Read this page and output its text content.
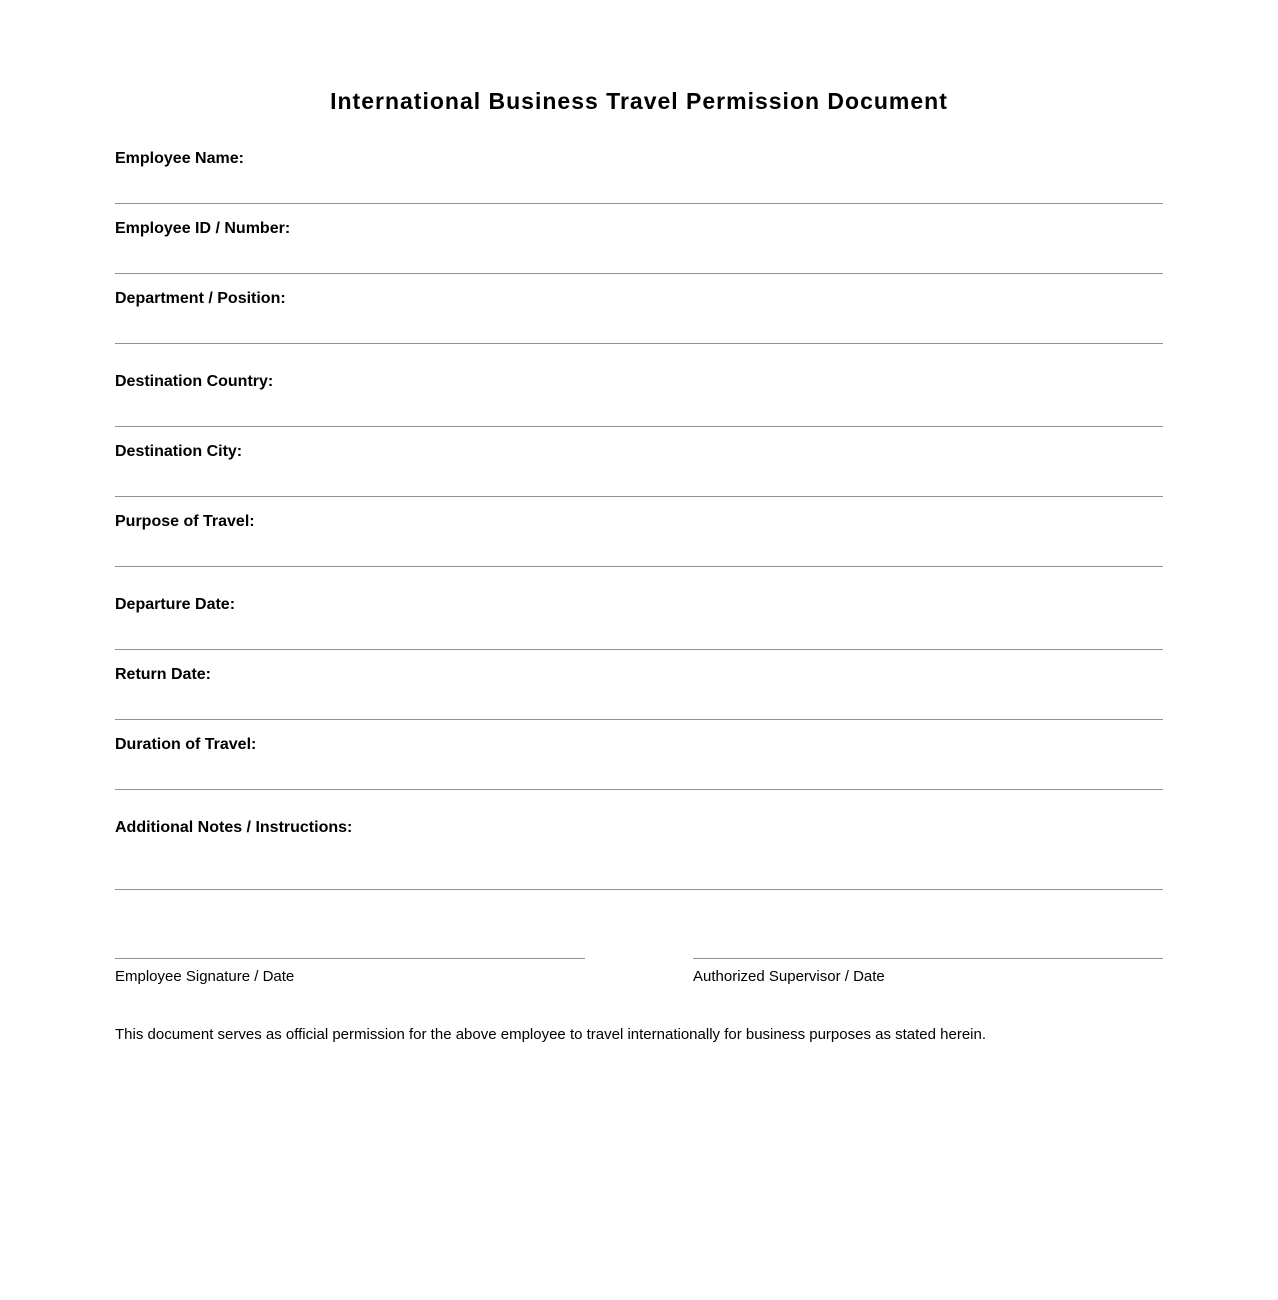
International Business Travel Permission Document
Employee Name:
Employee ID / Number:
Department / Position:
Destination Country:
Destination City:
Purpose of Travel:
Departure Date:
Return Date:
Duration of Travel:
Additional Notes / Instructions:
Employee Signature / Date	Authorized Supervisor / Date
This document serves as official permission for the above employee to travel internationally for business purposes as stated herein.
